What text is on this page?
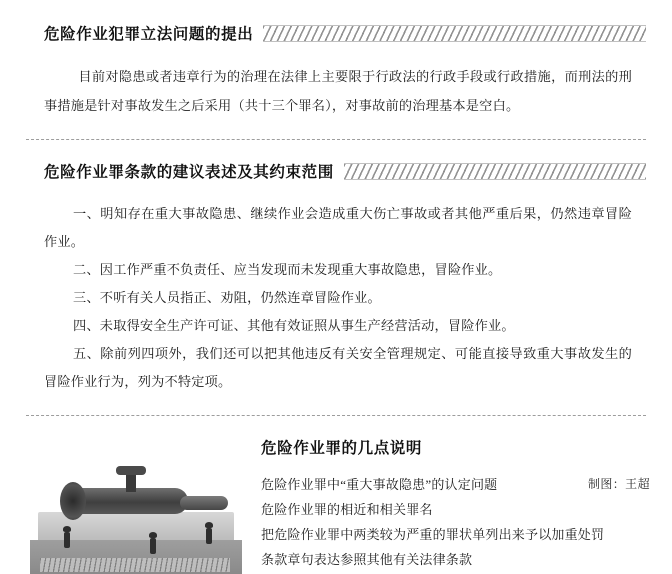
危险作业犯罪立法问题的提出

目前对隐患或者违章行为的治理在法律上主要限于行政法的行政手段或行政措施，而刑法的刑事措施是针对事故发生之后采用（共十三个罪名），对事故前的治理基本是空白。

危险作业罪条款的建议表述及其约束范围

一、明知存在重大事故隐患、继续作业会造成重大伤亡事故或者其他严重后果，仍然违章冒险作业。

二、因工作严重不负责任、应当发现而未发现重大事故隐患，冒险作业。

三、不听有关人员指正、劝阻，仍然连章冒险作业。

四、未取得安全生产许可证、其他有效证照从事生产经营活动，冒险作业。

五、除前列四项外，我们还可以把其他违反有关安全管理规定、可能直接导致重大事故发生的冒险作业行为，列为不特定项。

危险作业罪的几点说明
危险作业罪中“重大事故隐患”的认定问题
危险作业罪的相近和相关罪名
把危险作业罪中两类较为严重的罪状单列出来予以加重处罚
条款章句表达参照其他有关法律条款
制图：王超
